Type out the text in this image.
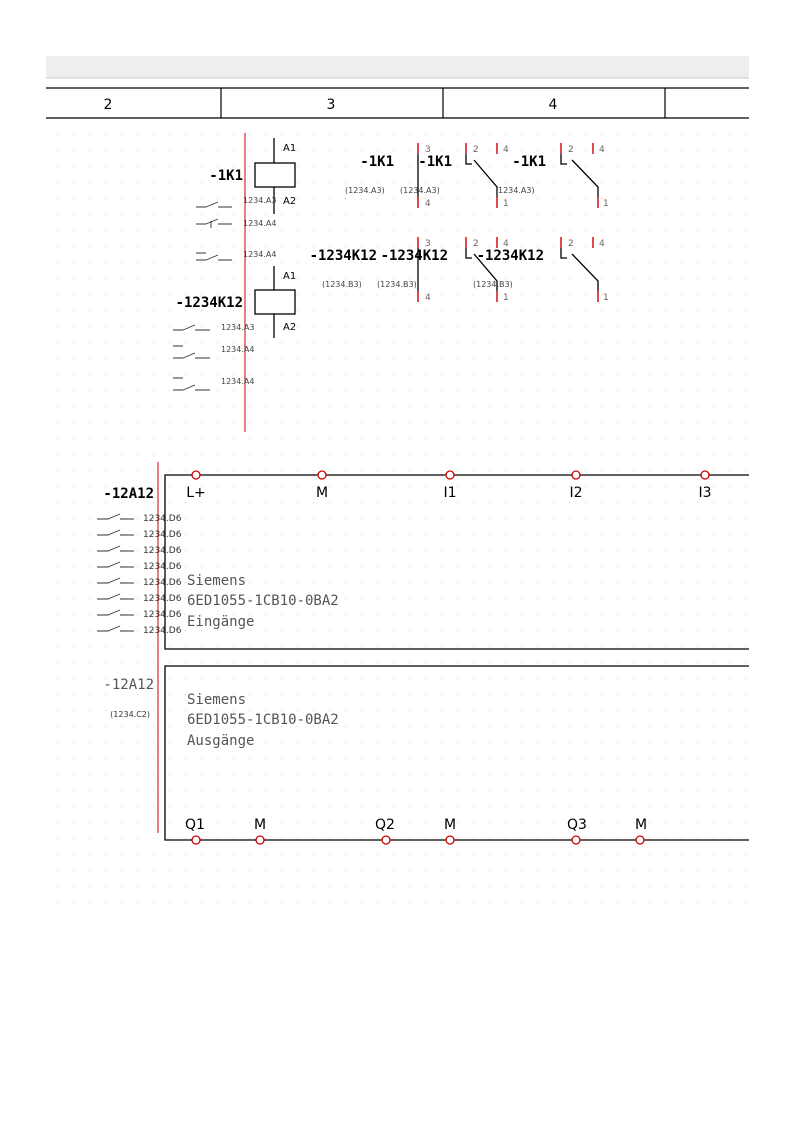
2	3	4
A1
A2
-1K1
1234.A3
1234.A4
1234.A4
A1
A2
-1234K12
1234.A3
1234.A4
1234.A4
3
4
2	4
1
2	4
1
-1K1 -1K1	-1K1
(1234.A3) (1234.A3)	1234.A3)
3
4
2	4
1
2	4
1
-1234K12 -1234K12 -1234K12
(1234.B3) (1234.B3)	(1234.B3)
-12A12 L+	M	I1	I2	I3
1234.D6
1234.D6
1234.D6
1234.D6
1234.D6
1234.D6
1234.D6
1234.D6
Siemens
6ED1055-1CB10-0BA2
Eingänge
-12A12
(1234.C2)
Siemens
6ED1055-1CB10-0BA2
Ausgänge
Q1	M	Q2	M	Q3	M
